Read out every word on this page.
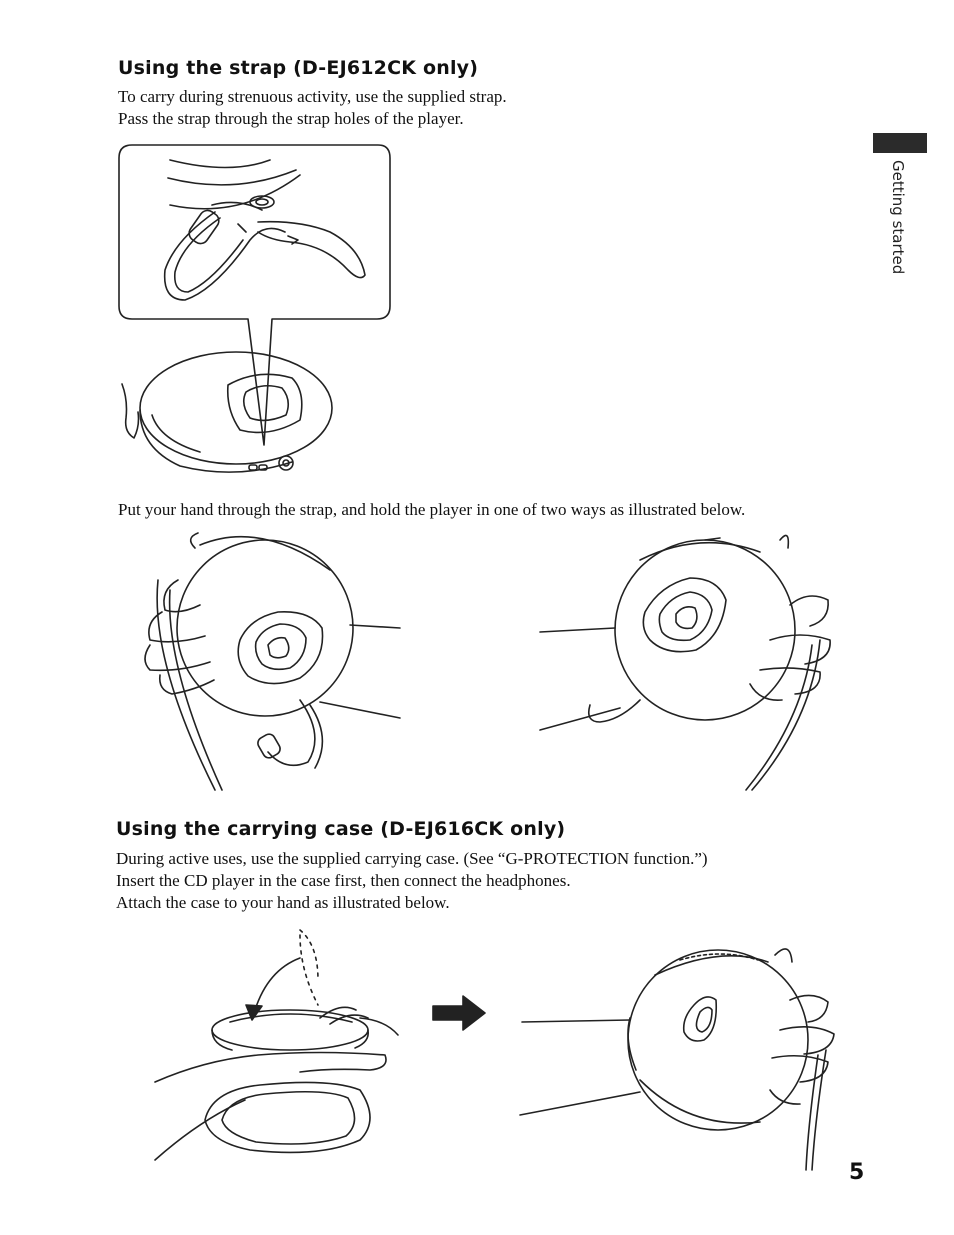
Using the strap (D-EJ612CK only)
To carry during strenuous activity, use the supplied strap.
Pass the strap through the strap holes of the player.
Getting started
Put your hand through the strap, and hold the player in one of two ways as illustrated below.
Using the carrying case (D-EJ616CK only)
During active uses, use the supplied carrying case. (See “G-PROTECTION function.”)
Insert the CD player in the case first, then connect the headphones.
Attach the case to your hand as illustrated below.
5
